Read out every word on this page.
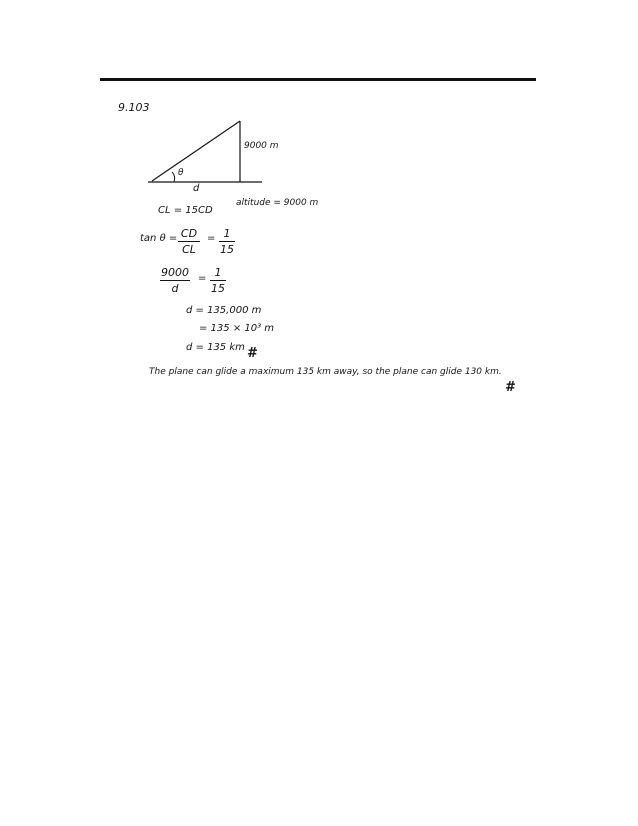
9.103
9000 m
θ
d
altitude = 9000 m
CL = 15CD
tan θ = CD
CL
= 1
15
9000
d
= 1
15
d = 135,000 m
= 135 × 10³ m
d = 135 km #
The plane can glide a maximum 135 km away, so the plane can glide 130 km.
#
